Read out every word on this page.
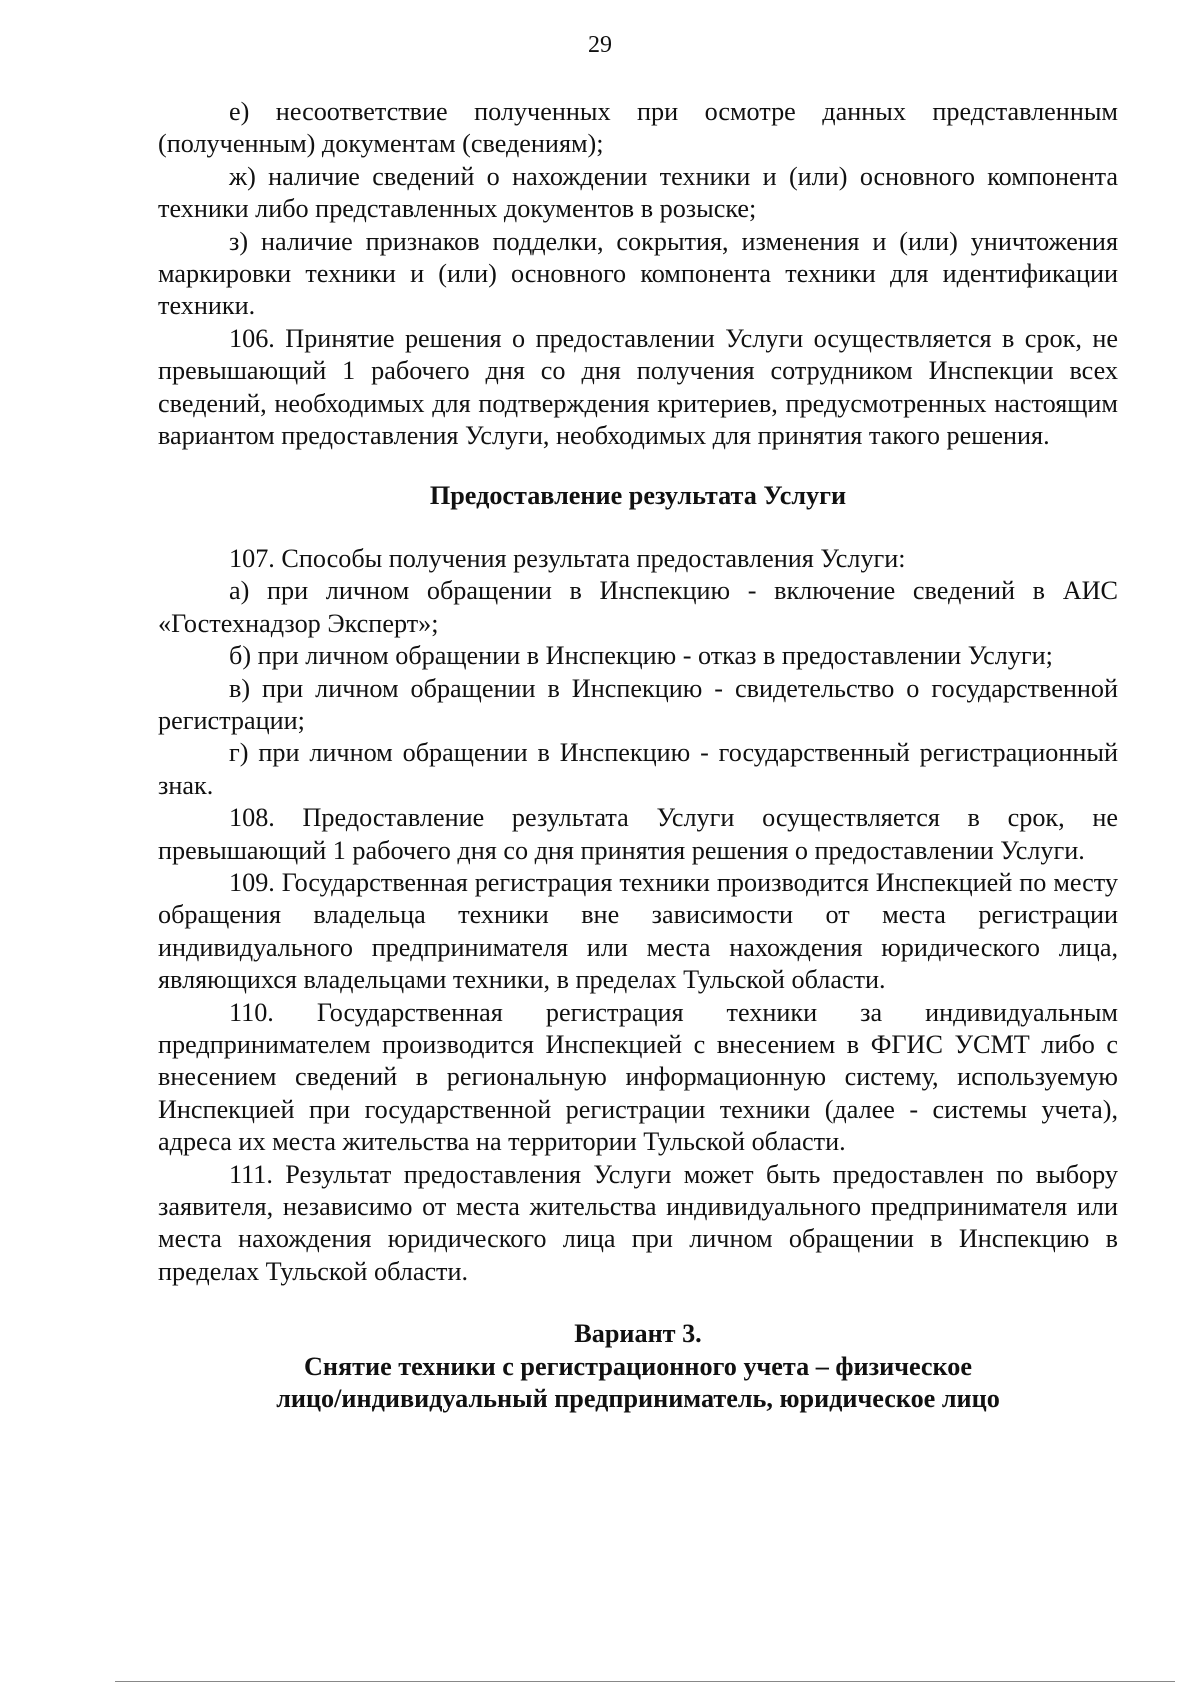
29

е) несоответствие полученных при осмотре данных представленным (полученным) документам (сведениям);

ж) наличие сведений о нахождении техники и (или) основного компонента техники либо представленных документов в розыске;

з) наличие признаков подделки, сокрытия, изменения и (или) уничтожения маркировки техники и (или) основного компонента техники для идентификации техники.

106. Принятие решения о предоставлении Услуги осуществляется в срок, не превышающий 1 рабочего дня со дня получения сотрудником Инспекции всех сведений, необходимых для подтверждения критериев, предусмотренных настоящим вариантом предоставления Услуги, необходимых для принятия такого решения.

Предоставление результата Услуги

107. Способы получения результата предоставления Услуги:

а) при личном обращении в Инспекцию - включение сведений в АИС «Гостехнадзор Эксперт»;

б) при личном обращении в Инспекцию - отказ в предоставлении Услуги;

в) при личном обращении в Инспекцию - свидетельство о государственной регистрации;

г) при личном обращении в Инспекцию - государственный регистрационный знак.

108. Предоставление результата Услуги осуществляется в срок, не превышающий 1 рабочего дня со дня принятия решения о предоставлении Услуги.

109. Государственная регистрация техники производится Инспекцией по месту обращения владельца техники вне зависимости от места регистрации индивидуального предпринимателя или места нахождения юридического лица, являющихся владельцами техники, в пределах Тульской области.

110. Государственная регистрация техники за индивидуальным предпринимателем производится Инспекцией с внесением в ФГИС УСМТ либо с внесением сведений в региональную информационную систему, используемую Инспекцией при государственной регистрации техники (далее - системы учета), адреса их места жительства на территории Тульской области.

111. Результат предоставления Услуги может быть предоставлен по выбору заявителя, независимо от места жительства индивидуального предпринимателя или места нахождения юридического лица при личном обращении в Инспекцию в пределах Тульской области.

Вариант 3.

Снятие техники с регистрационного учета – физическое

лицо/индивидуальный предприниматель, юридическое лицо
